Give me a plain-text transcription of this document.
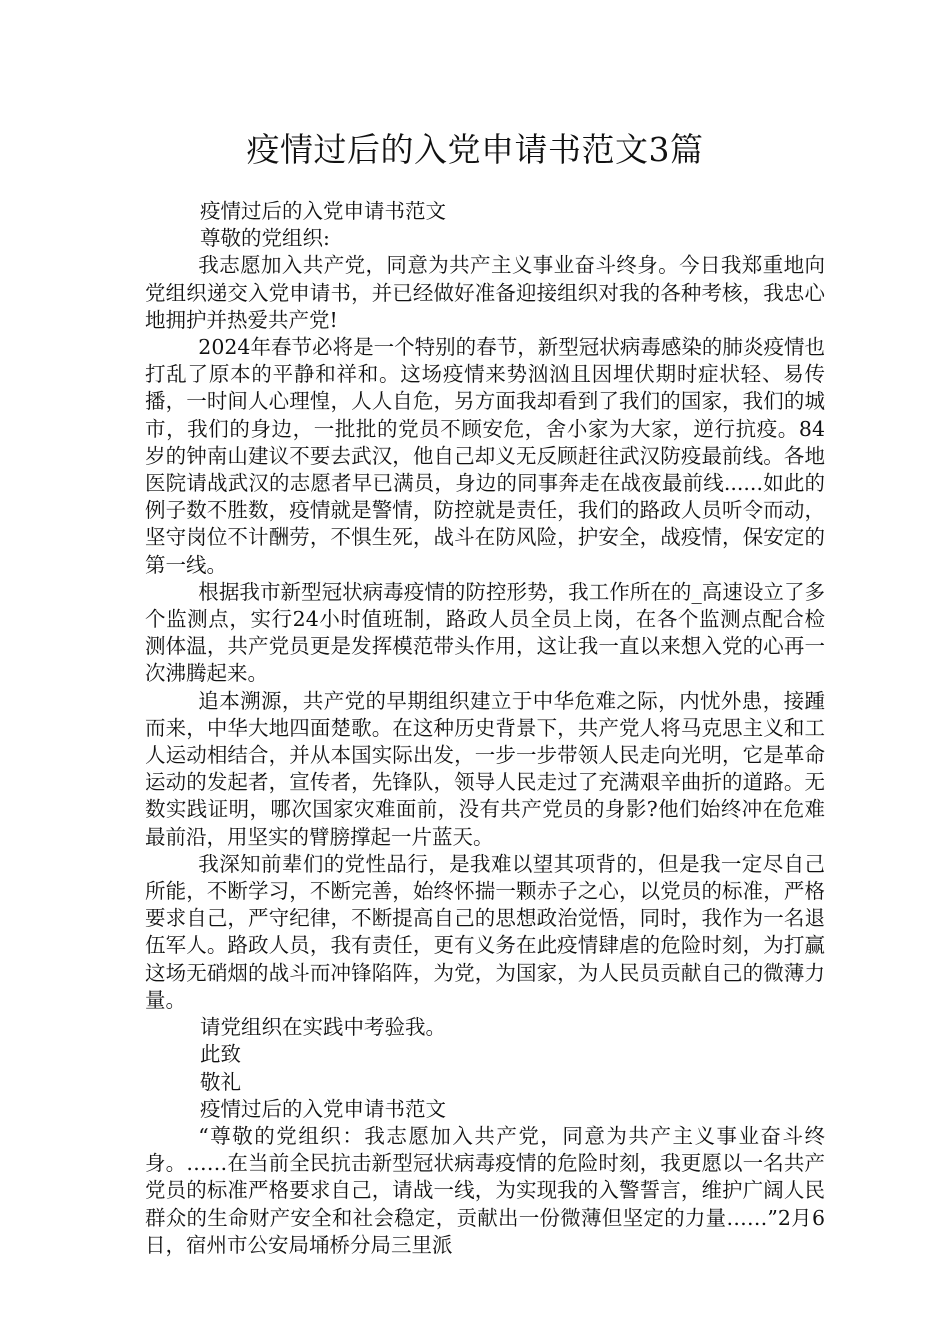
疫情过后的入党申请书范文3篇

疫情过后的入党申请书范文

尊敬的党组织:

我志愿加入共产党，同意为共产主义事业奋斗终身。今日我郑重地向党组织递交入党申请书，并已经做好准备迎接组织对我的各种考核，我忠心地拥护并热爱共产党!

2024年春节必将是一个特别的春节，新型冠状病毒感染的肺炎疫情也打乱了原本的平静和祥和。这场疫情来势汹汹且因埋伏期时症状轻、易传播，一时间人心理惶，人人自危，另方面我却看到了我们的国家，我们的城市，我们的身边，一批批的党员不顾安危，舍小家为大家，逆行抗疫。84岁的钟南山建议不要去武汉，他自己却义无反顾赶往武汉防疫最前线。各地医院请战武汉的志愿者早已满员，身边的同事奔走在战夜最前线......如此的例子数不胜数，疫情就是警情，防控就是责任，我们的路政人员听令而动，坚守岗位不计酬劳，不惧生死，战斗在防风险，护安全，战疫情，保安定的第一线。

根据我市新型冠状病毒疫情的防控形势，我工作所在的_高速设立了多个监测点，实行24小时值班制，路政人员全员上岗，在各个监测点配合检测体温，共产党员更是发挥模范带头作用，这让我一直以来想入党的心再一次沸腾起来。

追本溯源，共产党的早期组织建立于中华危难之际，内忧外患，接踵而来，中华大地四面楚歌。在这种历史背景下，共产党人将马克思主义和工人运动相结合，并从本国实际出发，一步一步带领人民走向光明，它是革命运动的发起者，宣传者，先锋队，领导人民走过了充满艰辛曲折的道路。无数实践证明，哪次国家灾难面前，没有共产党员的身影?他们始终冲在危难最前沿，用坚实的臂膀撑起一片蓝天。

我深知前辈们的党性品行，是我难以望其项背的，但是我一定尽自己所能，不断学习，不断完善，始终怀揣一颗赤子之心，以党员的标准，严格要求自己，严守纪律，不断提高自己的思想政治觉悟，同时，我作为一名退伍军人。路政人员，我有责任，更有义务在此疫情肆虐的危险时刻，为打赢这场无硝烟的战斗而冲锋陷阵，为党，为国家，为人民员贡献自己的微薄力量。

请党组织在实践中考验我。

此致

敬礼

疫情过后的入党申请书范文

“尊敬的党组织：我志愿加入共产党，同意为共产主义事业奋斗终身。……在当前全民抗击新型冠状病毒疫情的危险时刻，我更愿以一名共产党员的标准严格要求自己，请战一线，为实现我的入警誓言，维护广阔人民群众的生命财产安全和社会稳定，贡献出一份微薄但坚定的力量……”2月6日，宿州市公安局埇桥分局三里派
